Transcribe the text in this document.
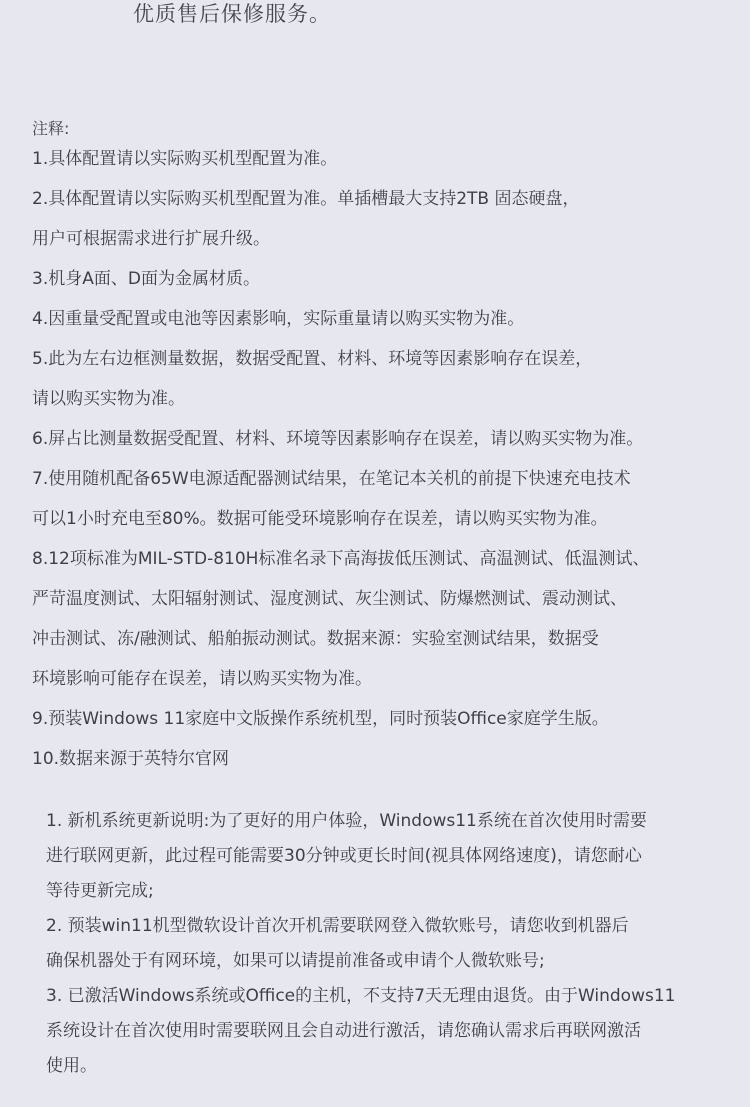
优质售后保修服务。
注释:
1.具体配置请以实际购买机型配置为准。
2.具体配置请以实际购买机型配置为准。单插槽最大支持2TB 固态硬盘，
用户可根据需求进行扩展升级。
3.机身A面、D面为金属材质。
4.因重量受配置或电池等因素影响，实际重量请以购买实物为准。
5.此为左右边框测量数据，数据受配置、材料、环境等因素影响存在误差，
请以购买实物为准。
6.屏占比测量数据受配置、材料、环境等因素影响存在误差，请以购买实物为准。
7.使用随机配备65W电源适配器测试结果，在笔记本关机的前提下快速充电技术
可以1小时充电至80%。数据可能受环境影响存在误差，请以购买实物为准。
8.12项标准为MIL-STD-810H标准名录下高海拔低压测试、高温测试、低温测试、
严苛温度测试、太阳辐射测试、湿度测试、灰尘测试、防爆燃测试、震动测试、
冲击测试、冻/融测试、船舶振动测试。数据来源：实验室测试结果，数据受
环境影响可能存在误差，请以购买实物为准。
9.预装Windows 11家庭中文版操作系统机型，同时预装Office家庭学生版。
10.数据来源于英特尔官网
1. 新机系统更新说明:为了更好的用户体验，Windows11系统在首次使用时需要
进行联网更新，此过程可能需要30分钟或更长时间(视具体网络速度)，请您耐心
等待更新完成;
2. 预装win11机型微软设计首次开机需要联网登入微软账号，请您收到机器后
确保机器处于有网环境，如果可以请提前准备或申请个人微软账号;
3. 已激活Windows系统或Office的主机，不支持7天无理由退货。由于Windows11
系统设计在首次使用时需要联网且会自动进行激活，请您确认需求后再联网激活
使用。
